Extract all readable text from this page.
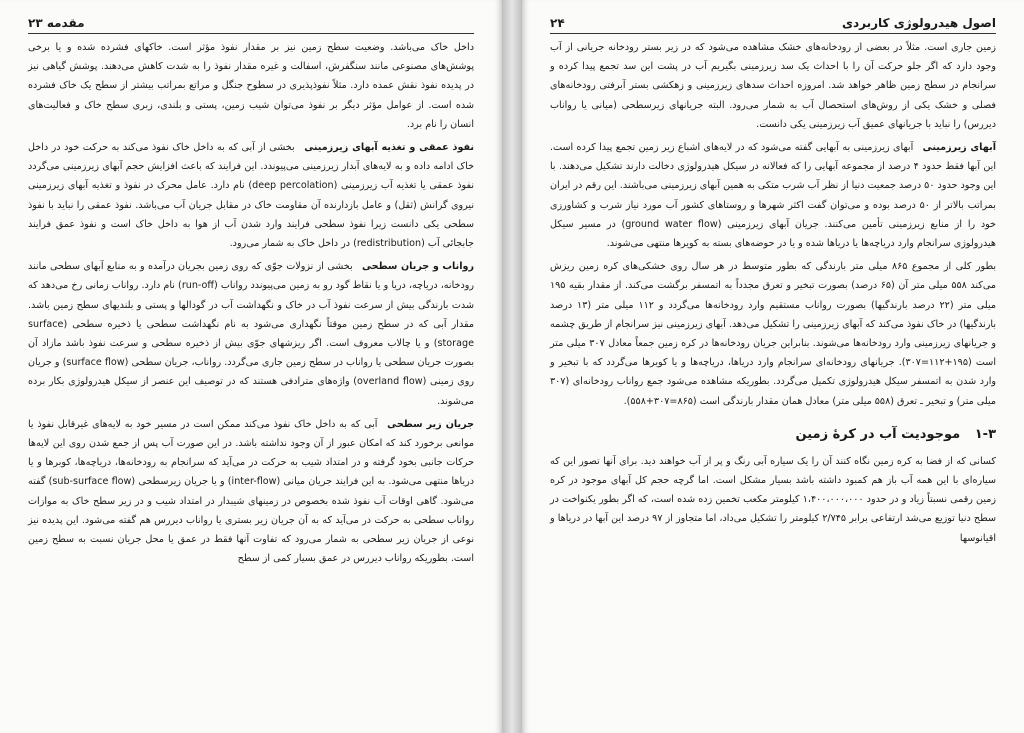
مقدمه ۲۳

داخل خاک می‌باشد. وضعیت سطح زمین نیز بر مقدار نفوذ مؤثر است. خاکهای فشرده شده و یا برخی پوشش‌های مصنوعی مانند سنگفرش، اسفالت و غیره مقدار نفوذ را به شدت کاهش می‌دهند. پوشش گیاهی نیز در پدیده نفوذ نقش عمده دارد. مثلاً نفوذپذیری در سطوح جنگل و مراتع بمراتب بیشتر از سطح یک خاک فشرده شده است. از عوامل مؤثر دیگر بر نفوذ می‌توان شیب زمین، پستی و بلندی، زبری سطح خاک و فعالیت‌های انسان را نام برد.

نفوذ عمقی و تغذیه آبهای زیرزمینی بخشی از آبی که به داخل خاک نفوذ می‌کند به حرکت خود در داخل خاک ادامه داده و به لایه‌های آبدار زیرزمینی می‌پیوندد. این فرایند که باعث افزایش حجم آبهای زیرزمینی می‌گردد نفوذ عمقی یا تغذیه آب زیرزمینی (deep percolation) نام دارد. عامل محرک در نفوذ و تغذیه آبهای زیرزمینی نیروی گرانش (ثقل) و عامل بازدارنده آن مقاومت خاک در مقابل جریان آب می‌باشد. نفوذ عمقی را نباید با نفوذ سطحی یکی دانست زیرا نفوذ سطحی فرایند وارد شدن آب از هوا به داخل خاک است و نفوذ عمق فرایند جابجائی آب (redistribution) در داخل خاک به شمار می‌رود.

رواناب و جریان سطحی بخشی از نزولات جوّی که روی زمین بجریان درآمده و به منابع آبهای سطحی مانند رودخانه، دریاچه، دریا و یا نقاط گود رو به زمین می‌پیوندد رواناب (run-off) نام دارد. رواناب زمانی رخ می‌دهد که شدت بارندگی بیش از سرعت نفوذ آب در خاک و نگهداشت آب در گودالها و پستی و بلندیهای سطح زمین باشد. مقدار آبی که در سطح زمین موقتاً نگهداری می‌شود به نام نگهداشت سطحی یا ذخیره سطحی (surface storage) و یا چالاب معروف است. اگر ریزشهای جوّی بیش از ذخیره سطحی و سرعت نفوذ باشد مازاد آن بصورت جریان سطحی یا رواناب در سطح زمین جاری می‌گردد. رواناب، جریان سطحی (surface flow) و جریان روی زمینی (overland flow) واژه‌های مترادفی هستند که در توصیف این عنصر از سیکل هیدرولوژی بکار برده می‌شوند.

جریان زیر سطحی آبی که به داخل خاک نفوذ می‌کند ممکن است در مسیر خود به لایه‌های غیرقابل نفوذ یا موانعی برخورد کند که امکان عبور از آن وجود نداشته باشد. در این صورت آب پس از جمع شدن روی این لایه‌ها حرکات جانبی بخود گرفته و در امتداد شیب به حرکت در می‌آید که سرانجام به رودخانه‌ها، دریاچه‌ها، کوبرها و یا دریاها منتهی می‌شود. به این فرایند جریان میانی (inter-flow) و یا جریان زیرسطحی (sub-surface flow) گفته می‌شود. گاهی اوقات آب نفوذ شده بخصوص در زمینهای شیبدار در امتداد شیب و در زیر سطح خاک به موازات رواناب سطحی به حرکت در می‌آید که به آن جریان زیر بستری یا رواناب دیررس هم گفته می‌شود. این پدیده نیز نوعی از جریان زیر سطحی به شمار می‌رود که تفاوت آنها فقط در عمق یا محل جریان نسبت به سطح زمین است. بطوریکه رواناب دیررس در عمق بسیار کمی از سطح

اصول هیدرولوژی کاربردی
۲۴

زمین جاری است. مثلاً در بعضی از رودخانه‌های خشک مشاهده می‌شود که در زیر بستر رودخانه جریانی از آب وجود دارد که اگر جلو حرکت آن را با احداث یک سد زیرزمینی بگیریم آب در پشت این سد تجمع پیدا کرده و سرانجام در سطح زمین ظاهر خواهد شد. امروزه احداث سدهای زیرزمینی و زهکشی بستر آبرفتی رودخانه‌های فصلی و خشک یکی از روش‌های استحصال آب به شمار می‌رود. البته جریانهای زیرسطحی (میانی یا رواناب دیررس) را نباید با جریانهای عمیق آب زیرزمینی یکی دانست.

آبهای زیرزمینی آبهای زیرزمینی به آبهایی گفته می‌شود که در لایه‌های اشباع زیر زمین تجمع پیدا کرده است. این آبها فقط حدود ۴ درصد از مجموعه آبهایی را که فعالانه در سیکل هیدرولوژی دخالت دارند تشکیل می‌دهند. با این وجود حدود ۵۰ درصد جمعیت دنیا از نظر آب شرب متکی به همین آبهای زیرزمینی می‌باشند. این رقم در ایران بمراتب بالاتر از ۵۰ درصد بوده و می‌توان گفت اکثر شهرها و روستاهای کشور آب مورد نیاز شرب و کشاورزی خود را از منابع زیرزمینی تأمین می‌کنند. جریان آبهای زیرزمینی (ground water flow) در مسیر سیکل هیدرولوژی سرانجام وارد دریاچه‌ها یا دریاها شده و یا در حوضه‌های بسته به کویرها منتهی می‌شوند.

بطور کلی از مجموع ۸۶۵ میلی متر بارندگی که بطور متوسط در هر سال روی خشکی‌های کره زمین ریزش می‌کند ۵۵۸ میلی متر آن (۶۵ درصد) بصورت تبخیر و تعرق مجدداً به اتمسفر برگشت می‌کند. از مقدار بقیه ۱۹۵ میلی متر (۲۲ درصد بارندگیها) بصورت رواناب مستقیم وارد رودخانه‌ها می‌گردد و ۱۱۲ میلی متر (۱۳ درصد بارندگیها) در خاک نفوذ می‌کند که آبهای زیرزمینی را تشکیل می‌دهد. آبهای زیرزمینی نیز سرانجام از طریق چشمه و جریانهای زیرزمینی وارد رودخانه‌ها می‌شوند. بنابراین جریان رودخانه‌ها در کره زمین جمعاً معادل ۳۰۷ میلی متر است (۱۹۵+۱۱۲=۳۰۷). جریانهای رودخانه‌ای سرانجام وارد دریاها، دریاچه‌ها و یا کویرها می‌گردد که با تبخیر و وارد شدن به اتمسفر سیکل هیدرولوژی تکمیل می‌گردد. بطوریکه مشاهده می‌شود جمع رواناب رودخانه‌ای (۳۰۷ میلی متر) و تبخیر ـ تعرق (۵۵۸ میلی متر) معادل همان مقدار بارندگی است (۸۶۵=۳۰۷+۵۵۸).

۱-۳ موجودیت آب در کرهٔ زمین

کسانی که از فضا به کره زمین نگاه کنند آن را یک سیاره آبی رنگ و پر از آب خواهند دید. برای آنها تصور این که سیاره‌ای با این همه آب باز هم کمبود داشته باشد بسیار مشکل است. اما گرچه حجم کل آبهای موجود در کره زمین رقمی نسبتاً زیاد و در حدود ۱،۴۰۰،۰۰۰،۰۰۰ کیلومتر مکعب تخمین زده شده است، که اگر بطور یکنواخت در سطح دنیا توزیع می‌شد ارتفاعی برابر ۲/۷۴۵ کیلومتر را تشکیل می‌داد، اما متجاوز از ۹۷ درصد این آبها در دریاها و اقیانوسها
